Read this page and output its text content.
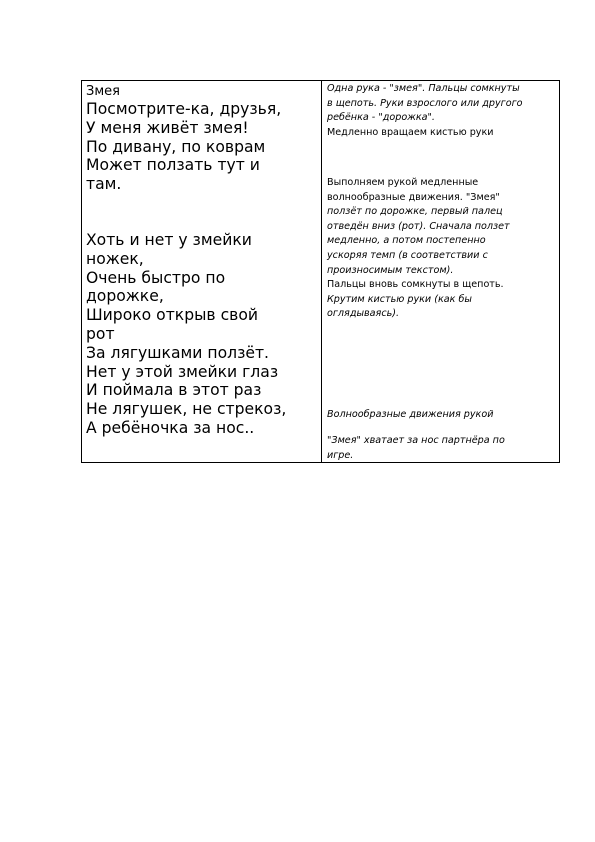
Змея
Посмотрите-ка, друзья,
У меня живёт змея!
По дивану, по коврам
Может ползать тут и
там.
Хоть и нет у змейки
ножек,
Очень быстро по
дорожке,
Широко открыв свой
рот
За лягушками ползёт.
Нет у этой змейки глаз
И поймала в этот раз
Не лягушек, не стрекоз,
А ребёночка за нос..
Одна рука - "змея". Пальцы сомкнуты
в щепоть. Руки взрослого или другого
ребёнка - "дорожка".
Медленно вращаем кистью руки
Выполняем рукой медленные
волнообразные движения. "Змея"
ползёт по дорожке, первый палец
отведён вниз (рот). Сначала ползет
медленно, а потом постепенно
ускоряя темп (в соответствии с
произносимым текстом).
Пальцы вновь сомкнуты в щепоть.
Крутим кистью руки (как бы
оглядываясь).
Волнообразные движения рукой
"Змея" хватает за нос партнёра по
игре.
